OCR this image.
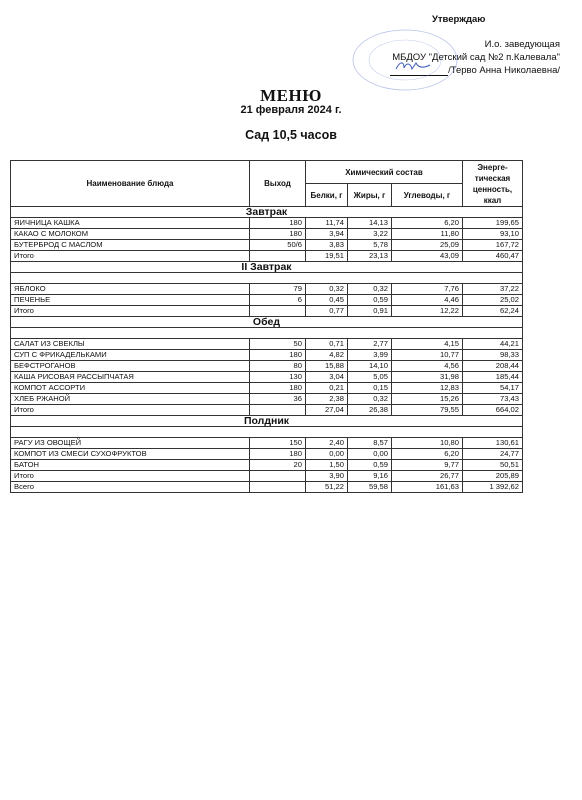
Утверждаю
И.о. заведующая
МБДОУ "Детский сад №2 п.Калевала"
/Терво Анна Николаевна/
МЕНЮ
21 февраля 2024 г.
Сад 10,5 часов
Наименование блюда	Выход	Химический состав			Энерге-тическая ценность, ккал
		Белки, г	Жиры, г	Углеводы, г	
Завтрак					
ЯИЧНИЦА КАШКА	180	11,74	14,13	6,20	199,65
КАКАО С МОЛОКОМ	180	3,94	3,22	11,80	93,10
БУТЕРБРОД С МАСЛОМ	50/6	3,83	5,78	25,09	167,72
Итого		19,51	23,13	43,09	460,47
II Завтрак					

ЯБЛОКО	79	0,32	0,32	7,76	37,22
ПЕЧЕНЬЕ	6	0,45	0,59	4,46	25,02
Итого		0,77	0,91	12,22	62,24
Обед					

САЛАТ ИЗ СВЕКЛЫ	50	0,71	2,77	4,15	44,21
СУП С ФРИКАДЕЛЬКАМИ	180	4,82	3,99	10,77	98,33
БЕФСТРОГАНОВ	80	15,88	14,10	4,56	208,44
КАША РИСОВАЯ РАССЫПЧАТАЯ	130	3,04	5,05	31,98	185,44
КОМПОТ АССОРТИ	180	0,21	0,15	12,83	54,17
ХЛЕБ РЖАНОЙ	36	2,38	0,32	15,26	73,43
Итого		27,04	26,38	79,55	664,02
Полдник					

РАГУ ИЗ ОВОЩЕЙ	150	2,40	8,57	10,80	130,61
КОМПОТ ИЗ СМЕСИ СУХОФРУКТОВ	180	0,00	0,00	6,20	24,77
БАТОН	20	1,50	0,59	9,77	50,51
Итого		3,90	9,16	26,77	205,89
Всего		51,22	59,58	161,63	1 392,62
